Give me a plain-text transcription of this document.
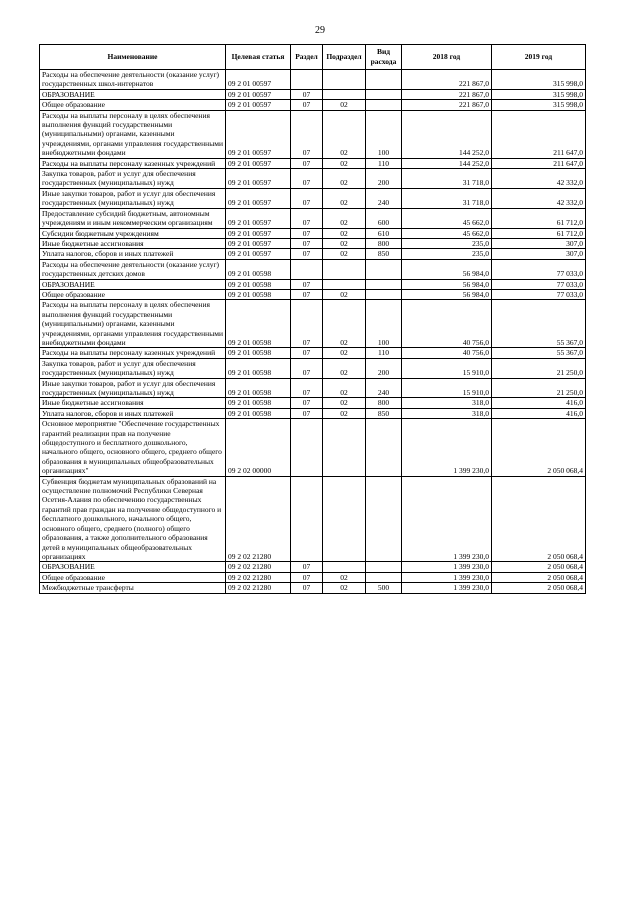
29
Наименование	Целевая статья	Раздел	Подраздел	Вид расхода	2018 год	2019 год
Расходы на обеспечение деятельности (оказание услуг) государственных школ-интернатов	09 2 01 00597				221 867,0	315 998,0
ОБРАЗОВАНИЕ	09 2 01 00597	07			221 867,0	315 998,0
Общее образование	09 2 01 00597	07	02		221 867,0	315 998,0
Расходы на выплаты персоналу в целях обеспечения выполнения функций государственными (муниципальными) органами, казенными учреждениями, органами управления государственными внебюджетными фондами	09 2 01 00597	07	02	100	144 252,0	211 647,0
Расходы на выплаты персоналу казенных учреждений	09 2 01 00597	07	02	110	144 252,0	211 647,0
Закупка товаров, работ и услуг для обеспечения государственных (муниципальных) нужд	09 2 01 00597	07	02	200	31 718,0	42 332,0
Иные закупки товаров, работ и услуг для обеспечения государственных (муниципальных) нужд	09 2 01 00597	07	02	240	31 718,0	42 332,0
Предоставление субсидий бюджетным, автономным учреждениям и иным некоммерческим организациям	09 2 01 00597	07	02	600	45 662,0	61 712,0
Субсидии бюджетным учреждениям	09 2 01 00597	07	02	610	45 662,0	61 712,0
Иные бюджетные ассигнования	09 2 01 00597	07	02	800	235,0	307,0
Уплата налогов, сборов и иных платежей	09 2 01 00597	07	02	850	235,0	307,0
Расходы на обеспечение деятельности (оказание услуг) государственных детских домов	09 2 01 00598				56 984,0	77 033,0
ОБРАЗОВАНИЕ	09 2 01 00598	07			56 984,0	77 033,0
Общее образование	09 2 01 00598	07	02		56 984,0	77 033,0
Расходы на выплаты персоналу в целях обеспечения выполнения функций государственными (муниципальными) органами, казенными учреждениями, органами управления государственными внебюджетными фондами	09 2 01 00598	07	02	100	40 756,0	55 367,0
Расходы на выплаты персоналу казенных учреждений	09 2 01 00598	07	02	110	40 756,0	55 367,0
Закупка товаров, работ и услуг для обеспечения государственных (муниципальных) нужд	09 2 01 00598	07	02	200	15 910,0	21 250,0
Иные закупки товаров, работ и услуг для обеспечения государственных (муниципальных) нужд	09 2 01 00598	07	02	240	15 910,0	21 250,0
Иные бюджетные ассигнования	09 2 01 00598	07	02	800	318,0	416,0
Уплата налогов, сборов и иных платежей	09 2 01 00598	07	02	850	318,0	416,0
Основное мероприятие "Обеспечение государственных гарантий реализации прав на получение общедоступного и бесплатного дошкольного, начального общего, основного общего, среднего общего образования в муниципальных общеобразовательных организациях"	09 2 02 00000				1 399 230,0	2 050 068,4
Субвенция бюджетам муниципальных образований на осуществление полномочий Республики Северная Осетия-Алания по обеспечению государственных гарантий прав граждан на получение общедоступного и бесплатного дошкольного, начального общего, основного общего, среднего (полного) общего образования, а также дополнительного образования детей в муниципальных общеобразовательных организациях	09 2 02 21280				1 399 230,0	2 050 068,4
ОБРАЗОВАНИЕ	09 2 02 21280	07			1 399 230,0	2 050 068,4
Общее образование	09 2 02 21280	07	02		1 399 230,0	2 050 068,4
Межбюджетные трансферты	09 2 02 21280	07	02	500	1 399 230,0	2 050 068,4
